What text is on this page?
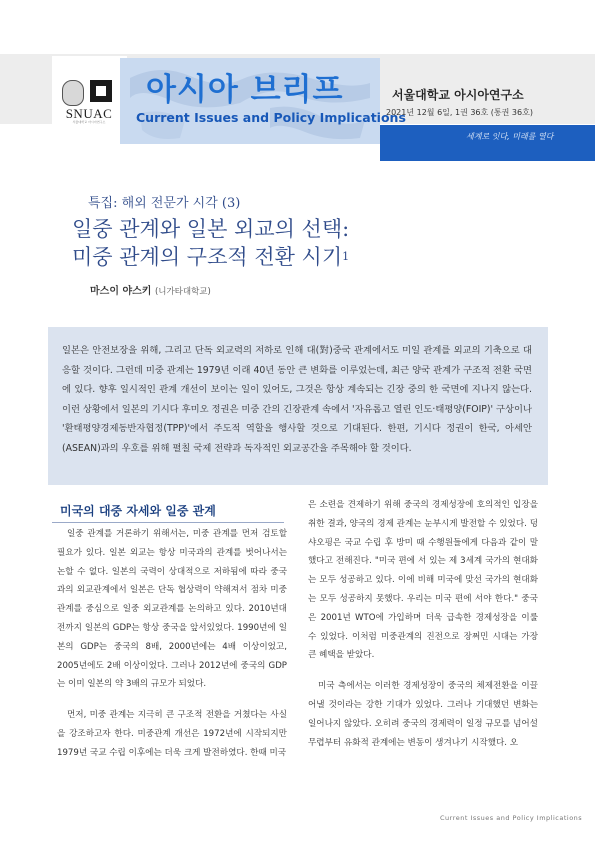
SNUAC
서울대학교 아시아연구소
아시아 브리프
Current Issues and Policy Implications
서울대학교 아시아연구소
2021년 12월 6일, 1권 36호 (통권 36호)
세계로 잇다, 미래를 열다
특집: 해외 전문가 시각 (3)
일중 관계와 일본 외교의 선택:
미중 관계의 구조적 전환 시기$^1$
마스이 야스키 (니가타대학교)
일본은 안전보장을 위해, 그리고 단독 외교력의 저하로 인해 대(對)중국 관계에서도 미일 관계를 외교의 기축으로 대응할 것이다. 그런데 미중 관계는 1979년 이래 40년 동안 큰 변화를 이루었는데, 최근 양국 관계가 구조적 전환 국면에 있다. 향후 일시적인 관계 개선이 보이는 일이 있어도, 그것은 항상 계속되는 긴장 중의 한 국면에 지나지 않는다. 이런 상황에서 일본의 기시다 후미오 정권은 미중 간의 긴장관계 속에서 '자유롭고 열린 인도·태평양(FOIP)' 구상이나 '환태평양경제동반자협정(TPP)'에서 주도적 역할을 행사할 것으로 기대된다. 한편, 기시다 정권이 한국, 아세안(ASEAN)과의 우호를 위해 펼칠 국제 전략과 독자적인 외교공간을 주목해야 할 것이다.
미국의 대중 자세와 일중 관계

일중 관계를 거론하기 위해서는, 미중 관계를 먼저 검토할 필요가 있다. 일본 외교는 항상 미국과의 관계를 벗어나서는 논할 수 없다. 일본의 국력이 상대적으로 저하됨에 따라 중국과의 외교관계에서 일본은 단독 협상력이 약해져서 점차 미중 관계를 중심으로 일중 외교관계를 논의하고 있다. 2010년대 전까지 일본의 GDP는 항상 중국을 앞서있었다. 1990년에 일본의 GDP는 중국의 8배, 2000년에는 4배 이상이었고, 2005년에도 2배 이상이었다. 그러나 2012년에 중국의 GDP는 이미 일본의 약 3배의 규모가 되었다.

먼저, 미중 관계는 지극히 큰 구조적 전환을 거쳤다는 사실을 강조하고자 한다. 미중관계 개선은 1972년에 시작되지만 1979년 국교 수립 이후에는 더욱 크게 발전하였다. 한때 미국

은 소련을 견제하기 위해 중국의 경제성장에 호의적인 입장을 취한 결과, 양국의 경제 관계는 눈부시게 발전할 수 있었다. 덩샤오핑은 국교 수립 후 방미 때 수행원들에게 다음과 같이 말했다고 전해진다. "미국 편에 서 있는 제 3세계 국가의 현대화는 모두 성공하고 있다. 이에 비해 미국에 맞선 국가의 현대화는 모두 성공하지 못했다. 우리는 미국 편에 서야 한다." 중국은 2001년 WTO에 가입하며 더욱 급속한 경제성장을 이룰 수 있었다. 이처럼 미중관계의 진전으로 장쩌민 시대는 가장 큰 혜택을 받았다.

미국 측에서는 이러한 경제성장이 중국의 체제전환을 이끌어낼 것이라는 강한 기대가 있었다. 그러나 기대했던 변화는 일어나지 않았다. 오히려 중국의 경제력이 일정 규모를 넘어설 무렵부터 유화적 관계에는 변동이 생겨나기 시작했다. 오

Current Issues and Policy Implications
